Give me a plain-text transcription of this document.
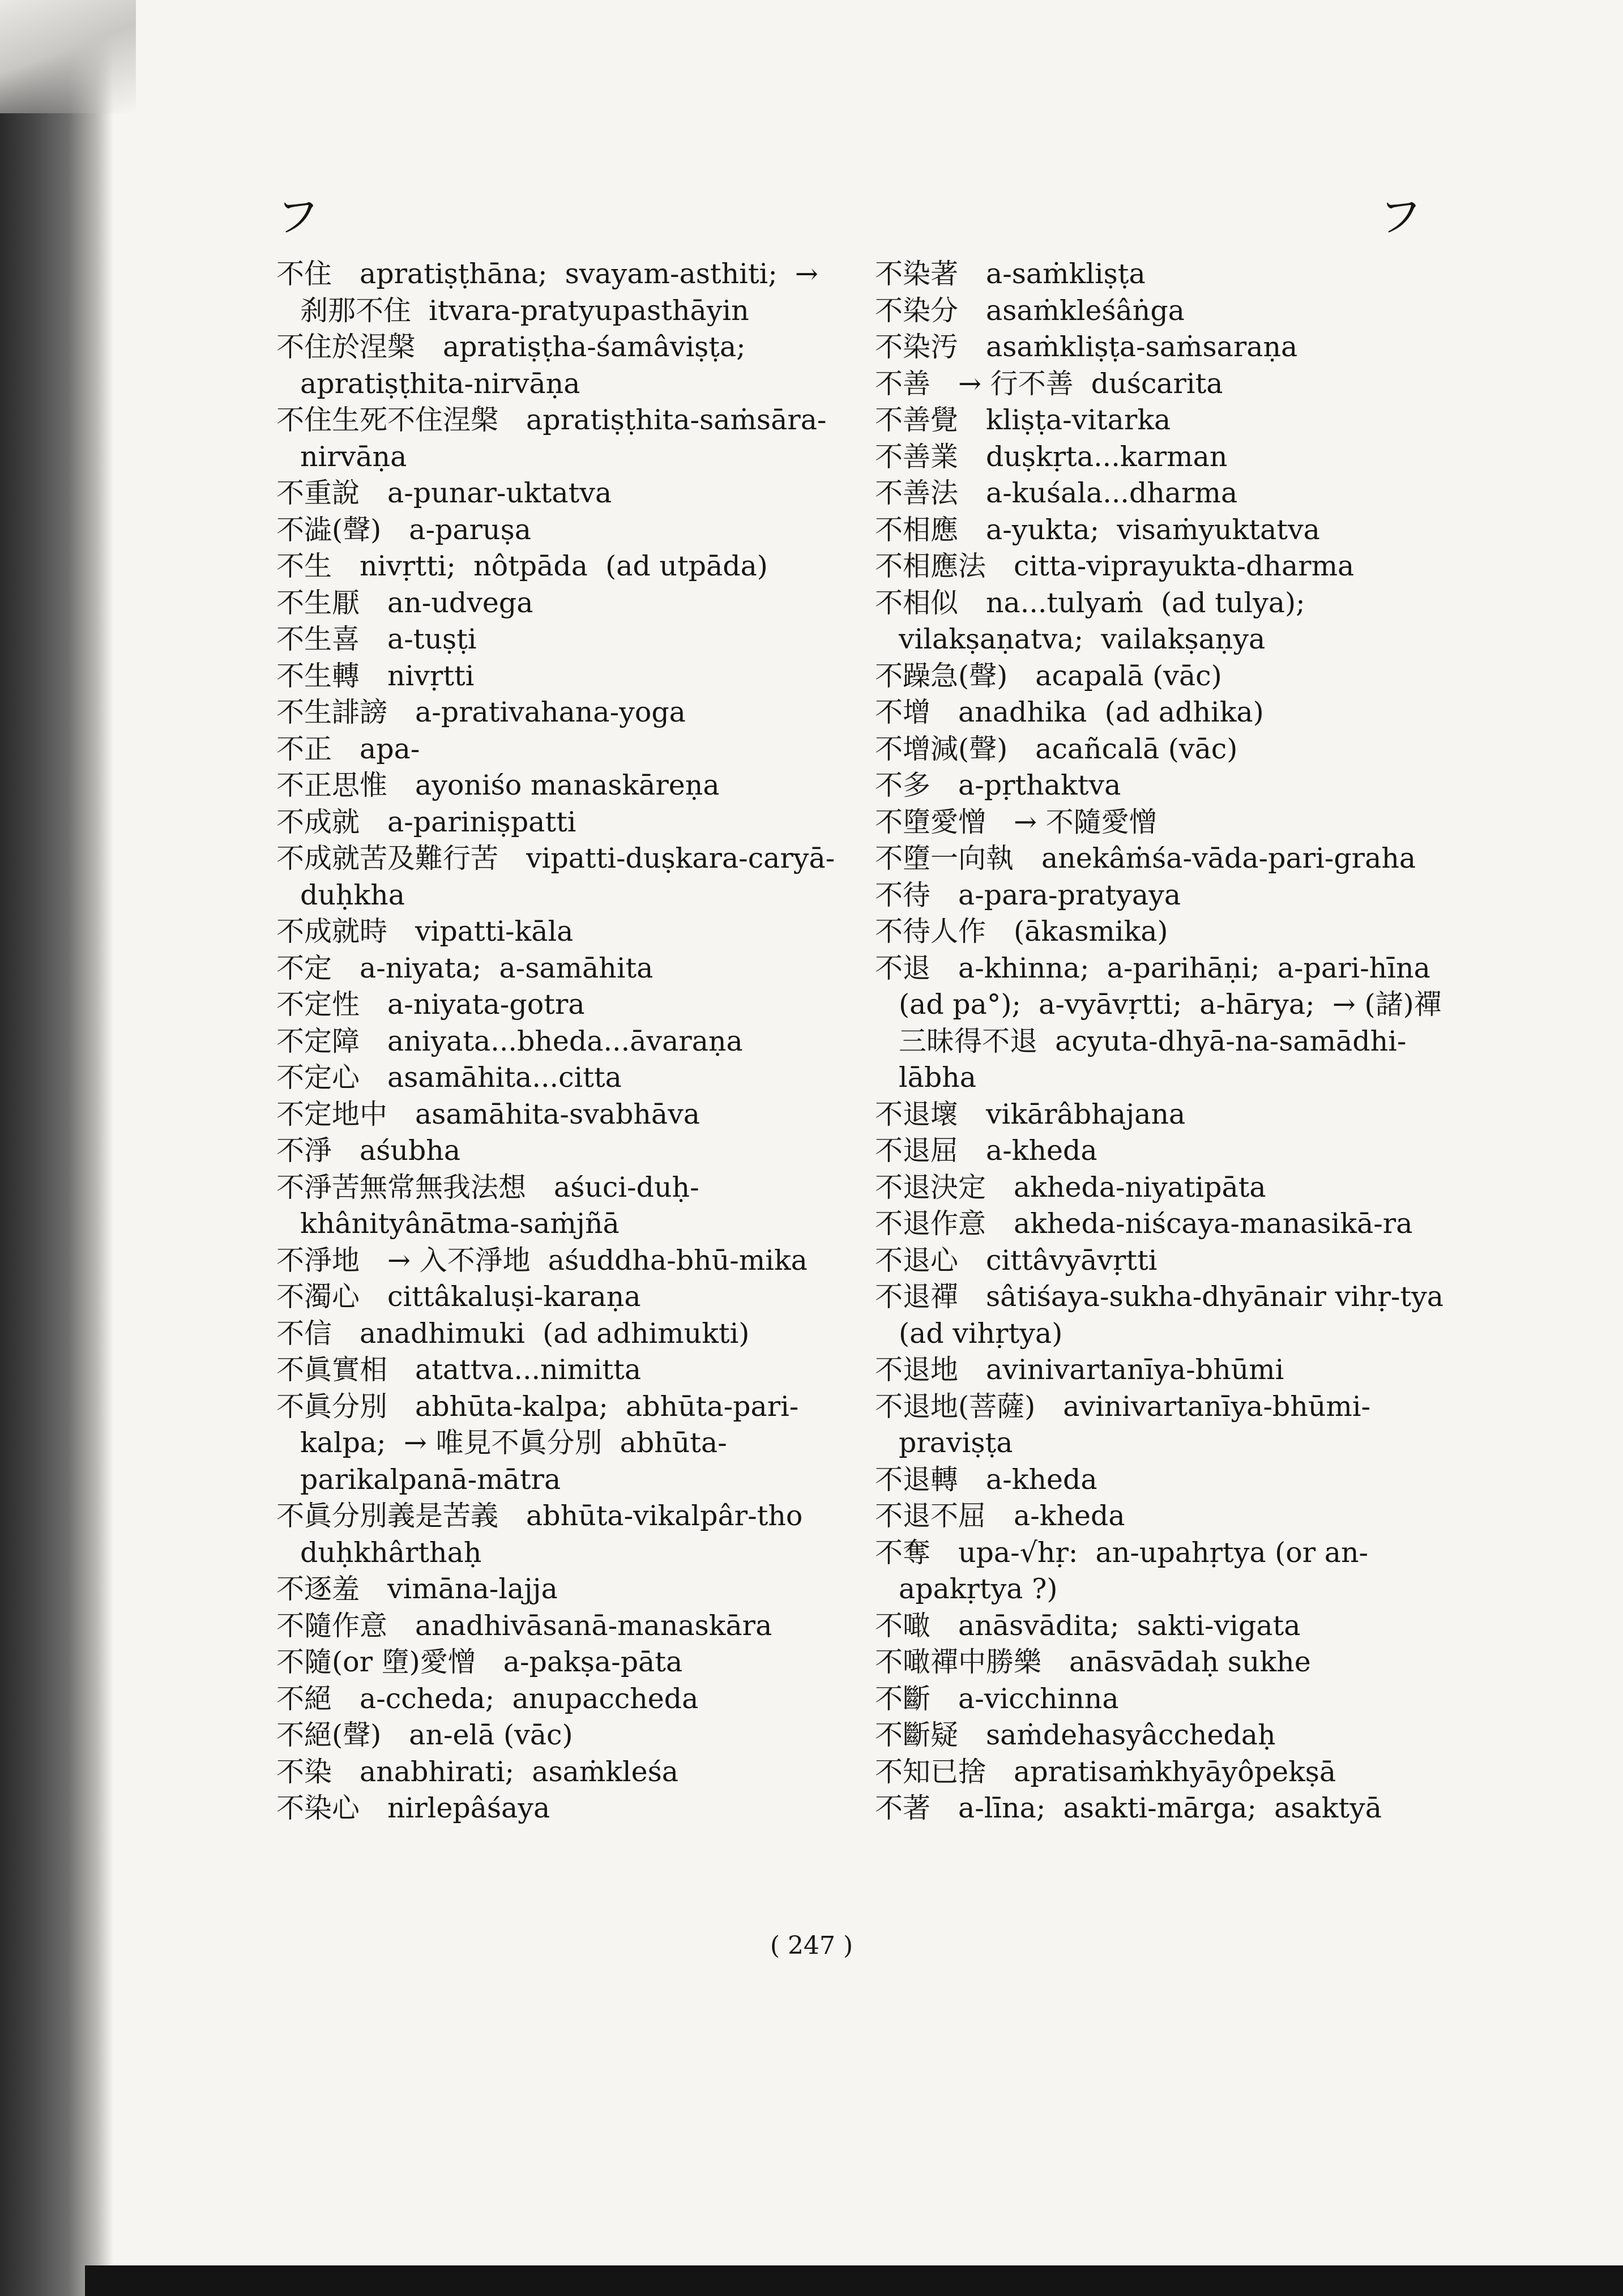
フ	フ

不住　apratiṣṭhāna;  svayam-asthiti;  → 刹那不住  itvara-pratyupasthāyin

不住於涅槃　apratiṣṭha-śamâviṣṭa;  apratiṣṭhita-nirvāṇa

不住生死不住涅槃　apratiṣṭhita-saṁsāra-nirvāṇa

不重說　a-punar-uktatva

不澁(聲)　a-paruṣa

不生　nivṛtti;  nôtpāda  (ad utpāda)

不生厭　an-udvega

不生喜　a-tuṣṭi

不生轉　nivṛtti

不生誹謗　a-prativahana-yoga

不正　apa-

不正思惟　ayoniśo manaskāreṇa

不成就　a-pariniṣpatti

不成就苦及難行苦　vipatti-duṣkara-caryā-duḥkha

不成就時　vipatti-kāla

不定　a-niyata;  a-samāhita

不定性　a-niyata-gotra

不定障　aniyata...bheda...āvaraṇa

不定心　asamāhita...citta

不定地中　asamāhita-svabhāva

不淨　aśubha

不淨苦無常無我法想　aśuci-duḥ-khânityânātma-saṁjñā

不淨地　→ 入不淨地  aśuddha-bhū-mika

不濁心　cittâkaluṣi-karaṇa

不信　anadhimuki  (ad adhimukti)

不眞實相　atattva...nimitta

不眞分別　abhūta-kalpa;  abhūta-pari-kalpa;  → 唯見不眞分別  abhūta-parikalpanā-mātra

不眞分別義是苦義　abhūta-vikalpâr-tho duḥkhârthaḥ

不逐羞　vimāna-lajja

不隨作意　anadhivāsanā-manaskāra

不隨(or 墮)愛憎　a-pakṣa-pāta

不絕　a-ccheda;  anupaccheda

不絕(聲)　an-elā (vāc)

不染　anabhirati;  asaṁkleśa

不染心　nirlepâśaya

不染著　a-saṁkliṣṭa

不染分　asaṁkleśâṅga

不染汚　asaṁkliṣṭa-saṁsaraṇa

不善　→ 行不善  duścarita

不善覺　kliṣṭa-vitarka

不善業　duṣkṛta...karman

不善法　a-kuśala...dharma

不相應　a-yukta;  visaṁyuktatva

不相應法　citta-viprayukta-dharma

不相似　na...tulyaṁ  (ad tulya);  vilakṣaṇatva;  vailakṣaṇya

不躁急(聲)　acapalā (vāc)

不增　anadhika  (ad adhika)

不增減(聲)　acañcalā (vāc)

不多　a-pṛthaktva

不墮愛憎　→ 不隨愛憎

不墮一向執　anekâṁśa-vāda-pari-graha

不待　a-para-pratyaya

不待人作　(ākasmika)

不退　a-khinna;  a-parihāṇi;  a-pari-hīna (ad pa°);  a-vyāvṛtti;  a-hārya;  → (諸)禪三昧得不退  acyuta-dhyā-na-samādhi-lābha

不退壞　vikārâbhajana

不退屈　a-kheda

不退決定　akheda-niyatipāta

不退作意　akheda-niścaya-manasikā-ra

不退心　cittâvyāvṛtti

不退禪　sâtiśaya-sukha-dhyānair vihṛ-tya (ad vihṛtya)

不退地　avinivartanīya-bhūmi

不退地(菩薩)　avinivartanīya-bhūmi-praviṣṭa

不退轉　a-kheda

不退不屈　a-kheda

不奪　upa-√hṛ:  an-upahṛtya (or an-apakṛtya ?)

不噉　anāsvādita;  sakti-vigata

不噉禪中勝樂　anāsvādaḥ sukhe

不斷　a-vicchinna

不斷疑　saṁdehasyâcchedaḥ

不知已捨　apratisaṁkhyāyôpekṣā

不著　a-līna;  asakti-mārga;  asaktyā

( 247 )
